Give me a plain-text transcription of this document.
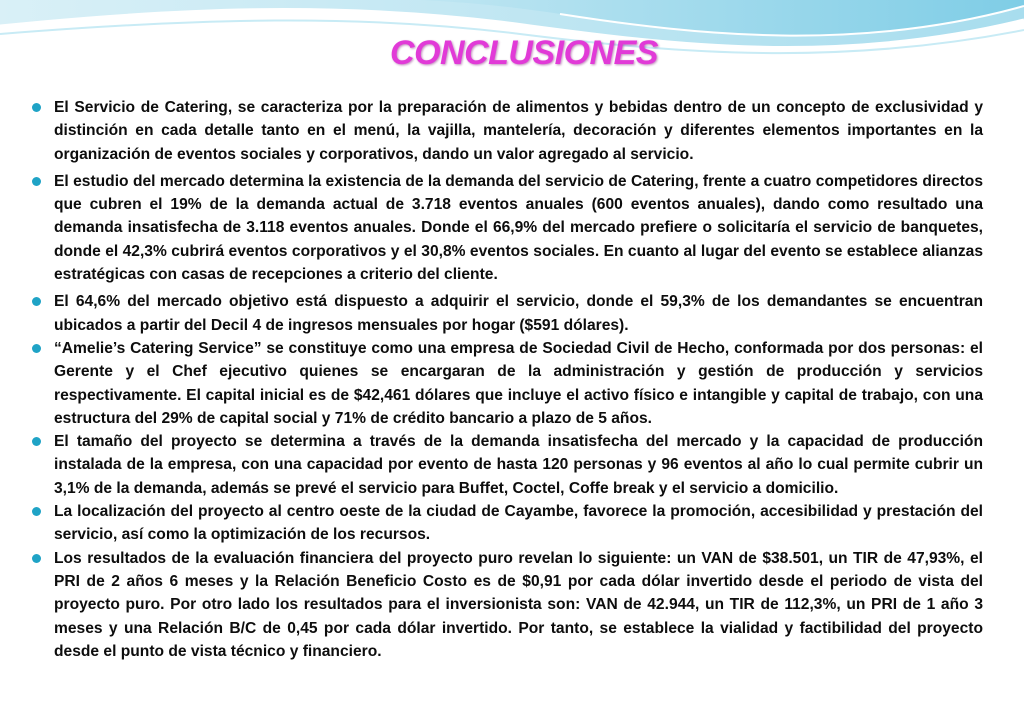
CONCLUSIONES
El Servicio de Catering, se caracteriza por la preparación de alimentos y bebidas dentro de un concepto de exclusividad y distinción en cada detalle tanto en el menú, la vajilla, mantelería, decoración y diferentes elementos importantes en la organización de eventos sociales y corporativos, dando un valor agregado al servicio.
El estudio del mercado determina la existencia de la demanda del servicio de Catering, frente a cuatro competidores directos que cubren el 19% de la demanda actual de 3.718 eventos anuales (600 eventos anuales), dando como resultado una demanda insatisfecha de 3.118 eventos anuales. Donde el 66,9% del mercado prefiere o solicitaría el servicio de banquetes, donde el 42,3% cubrirá eventos corporativos y el 30,8% eventos sociales. En cuanto al lugar del evento se establece alianzas estratégicas con casas de recepciones a criterio del cliente.
El 64,6% del mercado objetivo está dispuesto a adquirir el servicio, donde el 59,3% de los demandantes se encuentran ubicados a partir del Decil 4 de ingresos mensuales por hogar ($591 dólares).
“Amelie’s Catering Service” se constituye como una empresa de Sociedad Civil de Hecho, conformada por dos personas: el Gerente y el Chef ejecutivo quienes se encargaran de la administración y gestión de producción y servicios respectivamente. El capital inicial es de $42,461 dólares que incluye el activo físico e intangible y capital de trabajo, con una estructura del 29% de capital social y 71% de crédito bancario a plazo de 5 años.
El tamaño del proyecto se determina a través de la demanda insatisfecha del mercado y la capacidad de producción instalada de la empresa, con una capacidad por evento de hasta 120 personas y 96 eventos al año lo cual permite cubrir un 3,1% de la demanda, además se prevé el servicio para Buffet, Coctel, Coffe break y el servicio a domicilio.
La localización del proyecto al centro oeste de la ciudad de Cayambe, favorece la promoción, accesibilidad y prestación del servicio, así como la optimización de los recursos.
Los resultados de la evaluación financiera del proyecto puro revelan lo siguiente: un VAN de $38.501, un TIR de 47,93%, el PRI de 2 años 6 meses y la Relación Beneficio Costo es de $0,91 por cada dólar invertido desde el periodo de vista del proyecto puro. Por otro lado los resultados para el inversionista son: VAN de 42.944, un TIR de 112,3%, un PRI de 1 año 3 meses y una Relación B/C de 0,45 por cada dólar invertido. Por tanto, se establece la vialidad y factibilidad del proyecto desde el punto de vista técnico y financiero.
